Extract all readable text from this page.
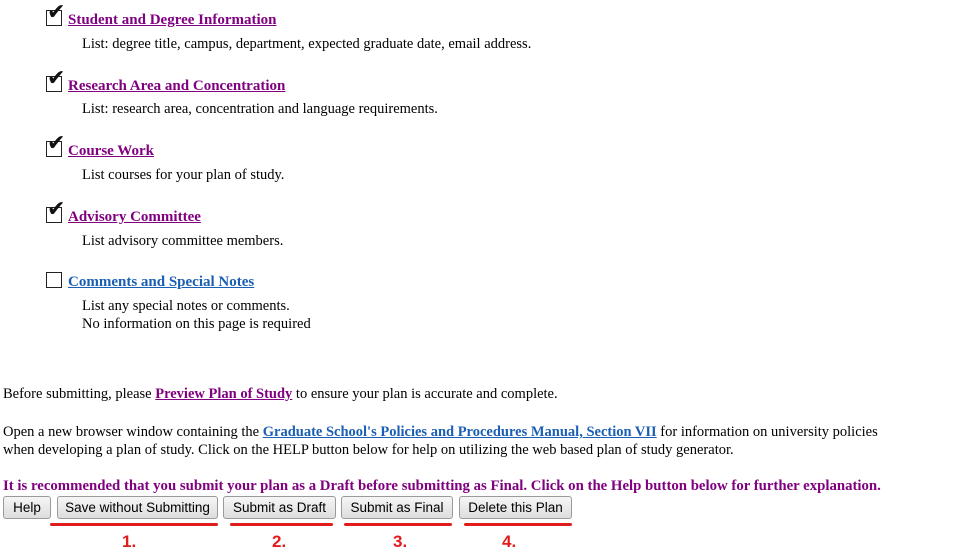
✔ Student and Degree Information
List: degree title, campus, department, expected graduate date, email address.
✔ Research Area and Concentration
List: research area, concentration and language requirements.
✔ Course Work
List courses for your plan of study.
✔ Advisory Committee
List advisory committee members.
Comments and Special Notes
List any special notes or comments.
No information on this page is required
Before submitting, please Preview Plan of Study to ensure your plan is accurate and complete.
Open a new browser window containing the Graduate School's Policies and Procedures Manual, Section VII for information on university policies
when developing a plan of study. Click on the HELP button below for help on utilizing the web based plan of study generator.
It is recommended that you submit your plan as a Draft before submitting as Final. Click on the Help button below for further explanation.
Help	Save without Submitting	Submit as Draft	Submit as Final	Delete this Plan
1.	2.	3.	4.
